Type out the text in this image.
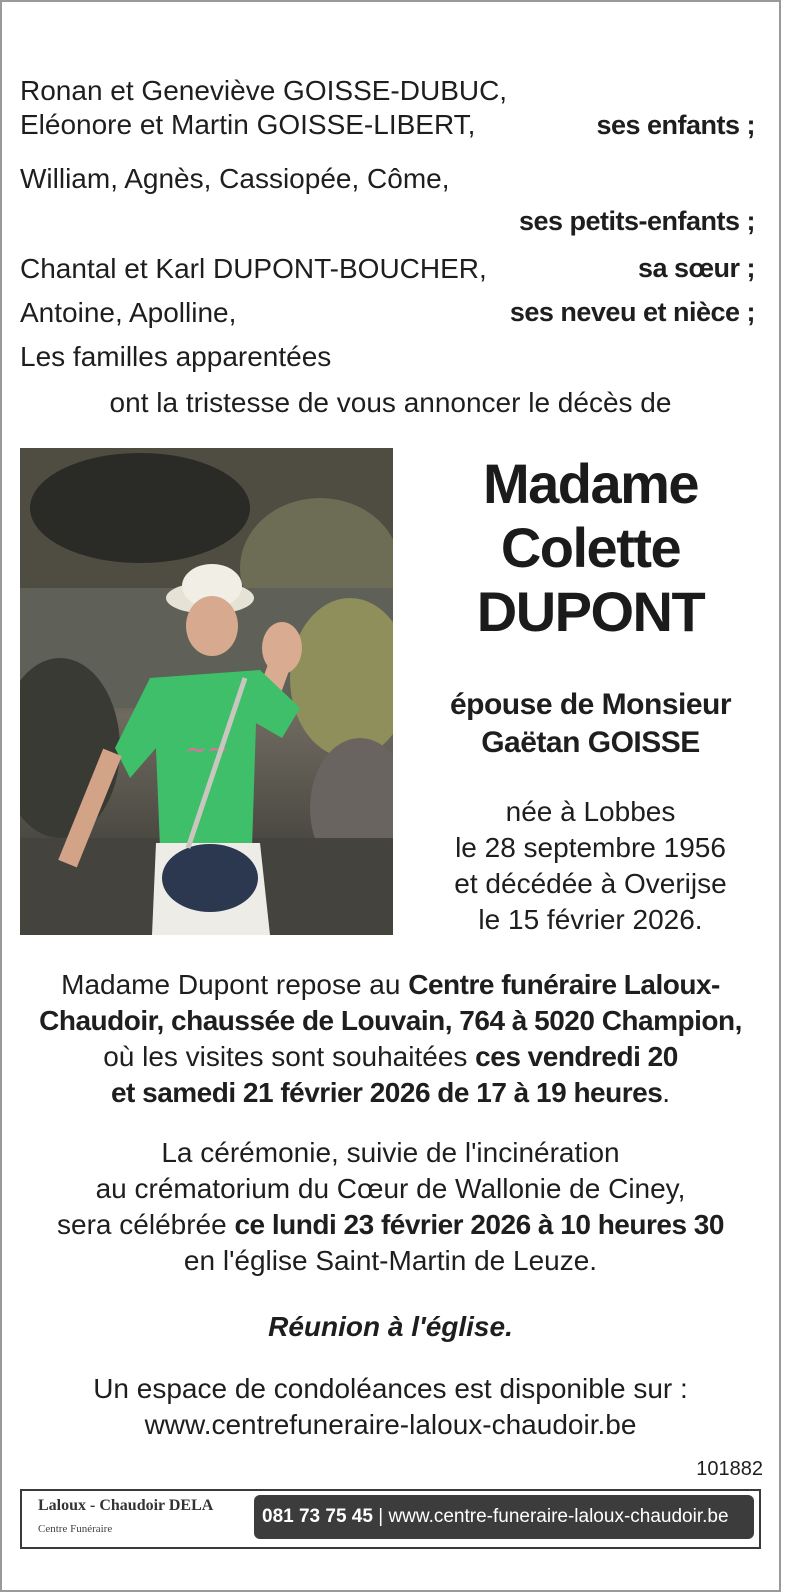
Ronan et Geneviève GOISSE-DUBUC,
Eléonore et Martin GOISSE-LIBERT,	ses enfants ;
William, Agnès, Cassiopée, Côme,
ses petits-enfants ;
Chantal et Karl DUPONT-BOUCHER,	sa sœur ;
Antoine, Apolline,	ses neveu et nièce ;
Les familles apparentées
ont la tristesse de vous annoncer le décès de
~~
Madame
Colette
DUPONT
épouse de Monsieur
Gaëtan GOISSE
née à Lobbes
le 28 septembre 1956
et décédée à Overijse
le 15 février 2026.
Madame Dupont repose au Centre funéraire Laloux-
Chaudoir, chaussée de Louvain, 764 à 5020 Champion,
où les visites sont souhaitées ces vendredi 20
et samedi 21 février 2026 de 17 à 19 heures.
La cérémonie, suivie de l'incinération
au crématorium du Cœur de Wallonie de Ciney,
sera célébrée ce lundi 23 février 2026 à 10 heures 30
en l'église Saint-Martin de Leuze.
Réunion à l'église.
Un espace de condoléances est disponible sur :
www.centrefuneraire-laloux-chaudoir.be
101882
Laloux - Chaudoir DELA
Centre Funéraire
081 73 75 45 | www.centre-funeraire-laloux-chaudoir.be
